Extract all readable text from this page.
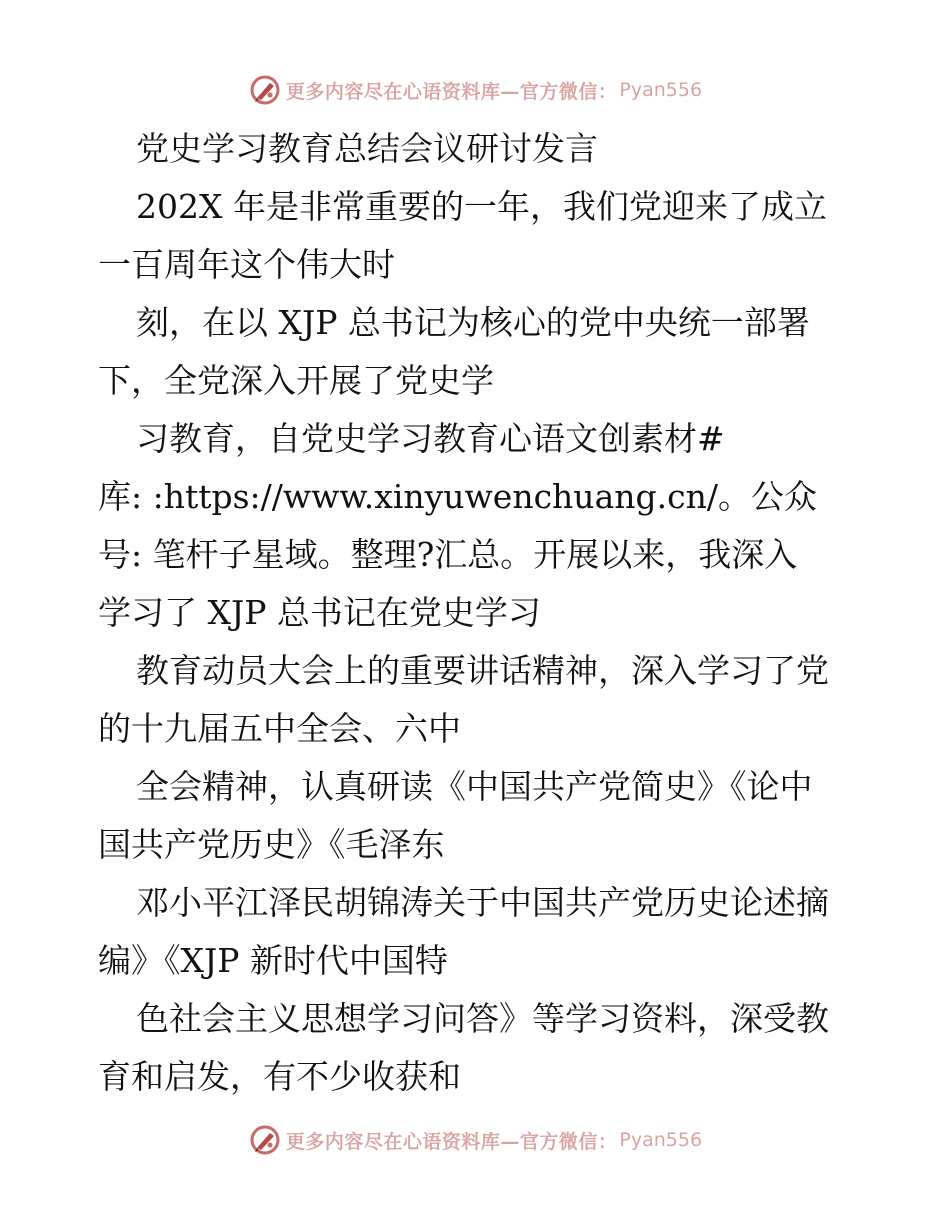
更多内容尽在心语资料库—官方微信： Pyan556
党史学习教育总结会议研讨发言
202X 年是非常重要的一年，我们党迎来了成立
一百周年这个伟大时
刻，在以 XJP 总书记为核心的党中央统一部署
下，全党深入开展了党史学
习教育，自党史学习教育心语文创素材#
库: :https://www.xinyuwenchuang.cn/。公众
号: 笔杆子星域。整理?汇总。开展以来，我深入
学习了 XJP 总书记在党史学习
教育动员大会上的重要讲话精神，深入学习了党
的十九届五中全会、六中
全会精神，认真研读《中国共产党简史》《论中
国共产党历史》《毛泽东
邓小平江泽民胡锦涛关于中国共产党历史论述摘
编》《XJP 新时代中国特
色社会主义思想学习问答》等学习资料，深受教
育和启发，有不少收获和
更多内容尽在心语资料库—官方微信： Pyan556
